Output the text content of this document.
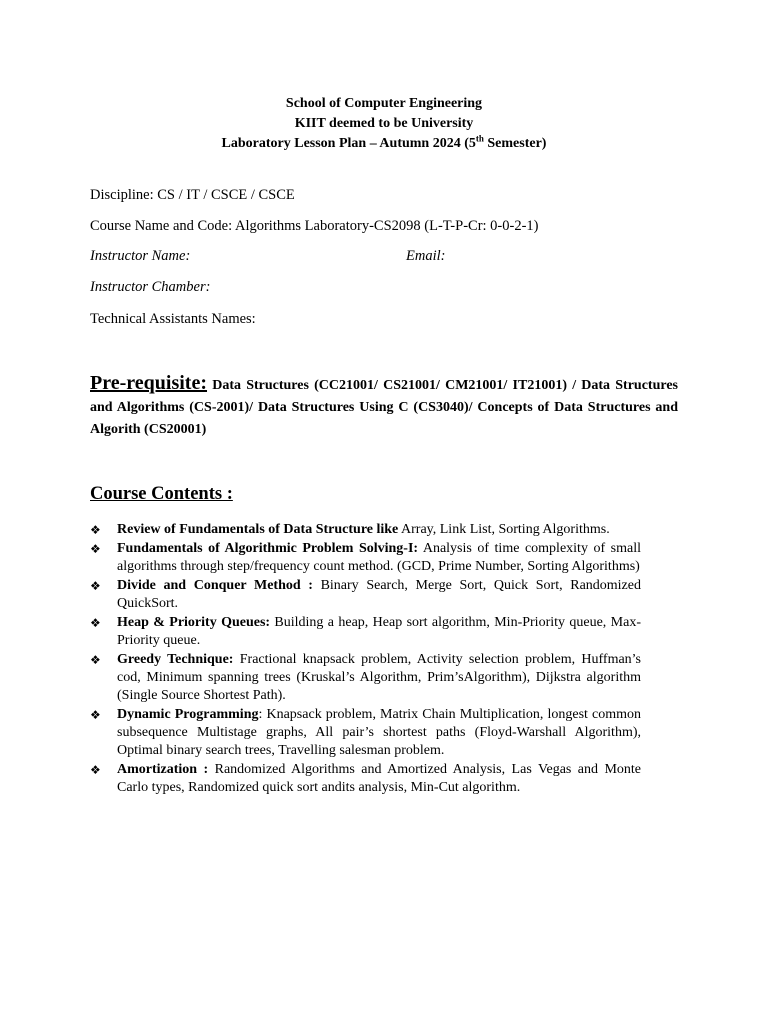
School of Computer Engineering
KIIT deemed to be University
Laboratory Lesson Plan – Autumn 2024 (5th Semester)
Discipline: CS / IT / CSCE / CSCE
Course Name and Code: Algorithms Laboratory-CS2098 (L-T-P-Cr: 0-0-2-1)
Instructor Name:	Email:
Instructor Chamber:
Technical Assistants Names:
Pre-requisite: Data Structures (CC21001/ CS21001/ CM21001/ IT21001) / Data Structures and Algorithms (CS-2001)/ Data Structures Using C (CS3040)/ Concepts of Data Structures and Algorith (CS20001)
Course Contents :
❖ Review of Fundamentals of Data Structure like Array, Link List, Sorting Algorithms.
❖ Fundamentals of Algorithmic Problem Solving-I: Analysis of time complexity of small algorithms through step/frequency count method. (GCD, Prime Number, Sorting Algorithms)
❖ Divide and Conquer Method : Binary Search, Merge Sort, Quick Sort, Randomized QuickSort.
❖ Heap & Priority Queues: Building a heap, Heap sort algorithm, Min-Priority queue, Max-Priority queue.
❖ Greedy Technique: Fractional knapsack problem, Activity selection problem, Huffman’s cod, Minimum spanning trees (Kruskal’s Algorithm, Prim’sAlgorithm), Dijkstra algorithm (Single Source Shortest Path).
❖ Dynamic Programming: Knapsack problem, Matrix Chain Multiplication, longest common subsequence Multistage graphs, All pair’s shortest paths (Floyd-Warshall Algorithm), Optimal binary search trees, Travelling salesman problem.
❖ Amortization : Randomized Algorithms and Amortized Analysis, Las Vegas and Monte Carlo types, Randomized quick sort andits analysis, Min-Cut algorithm.
